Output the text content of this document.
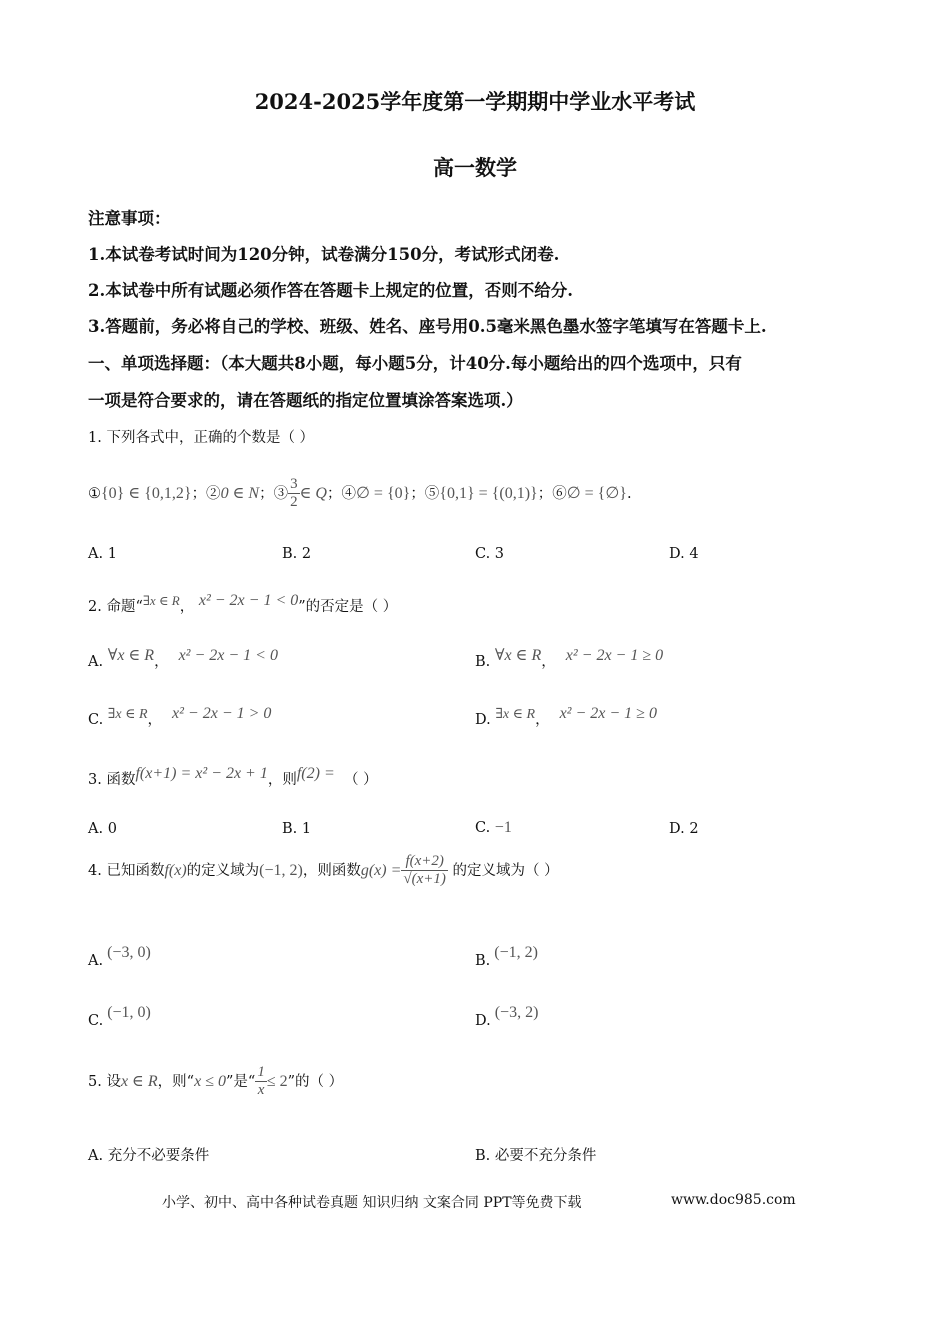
2024-2025学年度第一学期期中学业水平考试
高一数学
注意事项：
1.本试卷考试时间为120分钟，试卷满分150分，考试形式闭卷.
2.本试卷中所有试题必须作答在答题卡上规定的位置，否则不给分.
3.答题前，务必将自己的学校、班级、姓名、座号用0.5毫米黑色墨水签字笔填写在答题卡上.
一、单项选择题：（本大题共8小题，每小题5分，计40分.每小题给出的四个选项中，只有
一项是符合要求的，请在答题纸的指定位置填涂答案选项.）
1. 下列各式中，正确的个数是（ ）
①{0} ∈ {0,1,2}；②0 ∈ N；③ $\frac{3}{2}$ ∈ Q；④∅ = {0}；⑤{0,1} = {(0,1)}；⑥∅ = {∅}.
A. 1	B. 2	C. 3	D. 4
2. 命题“∃x ∈ R， x² − 2x − 1 < 0”的否定是（ ）
A. ∀x ∈ R， x² − 2x − 1 < 0	B. ∀x ∈ R， x² − 2x − 1 ≥ 0
C. ∃x ∈ R， x² − 2x − 1 > 0	D. ∃x ∈ R， x² − 2x − 1 ≥ 0
3. 函数f(x+1) = x² − 2x + 1，则f(2) = （ ）
A. 0	B. 1	C. −1	D. 2
4. 已知函数f(x)的定义域为(−1, 2)，则函数$g(x) = \frac{f(x+2)}{√(x+1)}$ 的定义域为（ ）
A. (−3, 0)	B. (−1, 2)
C. (−1, 0)	D. (−3, 2)
5. 设x ∈ R，则“x ≤ 0”是“ $\frac{1}{x} \le 2$”的（ ）
A. 充分不必要条件	B. 必要不充分条件
小学、初中、高中各种试卷真题 知识归纳 文案合同 PPT等免费下载	www.doc985.com
